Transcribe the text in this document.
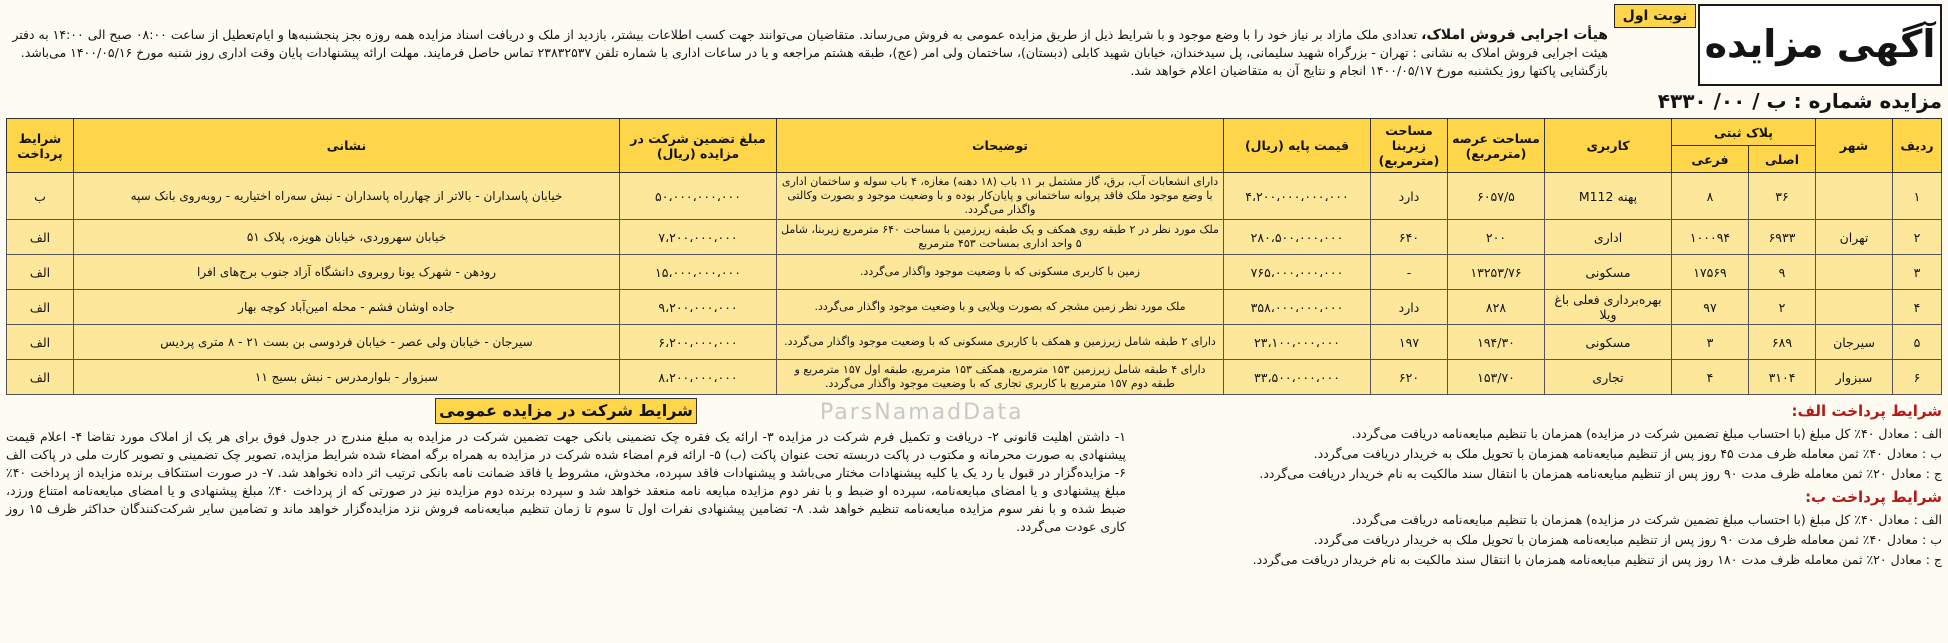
آگهی مزایده
نوبت اول
مزایده شماره : ب / ۰۰/ ۴۳۳۰
هیأت اجرایی فروش املاک، تعدادی ملک مازاد بر نیاز خود را با وضع موجود و با شرایط ذیل از طریق مزایده عمومی به فروش می‌رساند. متقاضیان می‌توانند جهت کسب اطلاعات بیشتر، بازدید از ملک و دریافت اسناد مزایده همه روزه بجز پنجشنبه‌ها و ایام‌تعطیل از ساعت ۰۸:۰۰ صبح الی ۱۴:۰۰ به دفتر هیئت اجرایی فروش املاک به نشانی : تهران - بزرگراه شهید سلیمانی، پل سیدخندان، خیابان شهید کابلی (دبستان)، ساختمان ولی امر (عج)، طبقه هشتم مراجعه و یا در ساعات اداری با شماره تلفن ۲۳۸۳۲۵۳۷ تماس حاصل فرمایند. مهلت ارائه پیشنهادات پایان وقت اداری روز شنبه مورخ ۱۴۰۰/۰۵/۱۶ می‌باشد. بازگشایی پاکتها روز یکشنبه مورخ ۱۴۰۰/۰۵/۱۷ انجام و نتایج آن به متقاضیان اعلام خواهد شد.
ردیف	شهر	پلاک ثبتی		کاربری	مساحت عرصه (مترمربع)	مساحت زیربنا (مترمربع)	قیمت پایه (ریال)	توضیحات	مبلغ تضمین شرکت در مزایده (ریال)	نشانی	شرایط پرداخت
		اصلی	فرعی								
۱		۳۶	۸	پهنه M112	۶۰۵۷/۵	دارد	۴،۲۰۰،۰۰۰،۰۰۰،۰۰۰	دارای انشعابات آب، برق، گاز مشتمل بر ۱۱ باب (۱۸ دهنه) مغازه، ۴ باب سوله و ساختمان اداری با وضع موجود ملک فاقد پروانه ساختمانی و پایان‌کار بوده و با وضعیت موجود و بصورت وکالتی واگذار می‌گردد.	۵۰،۰۰۰،۰۰۰،۰۰۰	خیابان پاسداران - بالاتر از چهارراه پاسداران - نبش سه‌راه اختیاریه - روبه‌روی بانک سپه	ب
۲	تهران	۶۹۳۳	۱۰۰۰۹۴	اداری	۲۰۰	۶۴۰	۲۸۰،۵۰۰،۰۰۰،۰۰۰	ملک مورد نظر در ۲ طبقه روی همکف و یک طبقه زیرزمین با مساحت ۶۴۰ مترمربع زیربنا، شامل ۵ واحد اداری بمساحت ۴۵۳ مترمربع	۷،۲۰۰،۰۰۰،۰۰۰	خیابان سهروردی، خیابان هویزه، پلاک ۵۱	الف
۳		۹	۱۷۵۶۹	مسکونی	۱۳۲۵۳/۷۶	-	۷۶۵،۰۰۰،۰۰۰،۰۰۰	زمین با کاربری مسکونی که با وضعیت موجود واگذار می‌گردد.	۱۵،۰۰۰،۰۰۰،۰۰۰	رودهن - شهرک یونا روبروی دانشگاه آزاد جنوب برج‌های افرا	الف
۴		۲	۹۷	بهره‌برداری فعلی باغ ویلا	۸۲۸	دارد	۳۵۸،۰۰۰،۰۰۰،۰۰۰	ملک مورد نظر زمین مشجر که بصورت ویلایی و با وضعیت موجود واگذار می‌گردد.	۹،۲۰۰،۰۰۰،۰۰۰	جاده اوشان فشم - محله امین‌آباد کوچه بهار	الف
۵	سیرجان	۶۸۹	۳	مسکونی	۱۹۴/۳۰	۱۹۷	۲۳،۱۰۰،۰۰۰،۰۰۰	دارای ۲ طبقه شامل زیرزمین و همکف با کاربری مسکونی که با وضعیت موجود واگذار می‌گردد.	۶،۲۰۰،۰۰۰،۰۰۰	سیرجان - خیابان ولی عصر - خیابان فردوسی بن بست ۲۱ - ۸ متری پردیس	الف
۶	سبزوار	۳۱۰۴	۴	تجاری	۱۵۳/۷۰	۶۲۰	۳۳،۵۰۰،۰۰۰،۰۰۰	دارای ۴ طبقه شامل زیرزمین ۱۵۳ مترمربع، همکف ۱۵۳ مترمربع، طبقه اول ۱۵۷ مترمربع و طبقه دوم ۱۵۷ مترمربع با کاربری تجاری که با وضعیت موجود واگذار می‌گردد.	۸،۲۰۰،۰۰۰،۰۰۰	سبزوار - بلوارمدرس - نبش بسیج ۱۱	الف
ParsNamadData
شرایط شرکت در مزایده عمومی
۱- داشتن اهلیت قانونی ۲- دریافت و تکمیل فرم شرکت در مزایده ۳- ارائه یک فقره چک تضمینی بانکی جهت تضمین شرکت در مزایده به مبلغ مندرج در جدول فوق برای هر یک از املاک مورد تقاضا ۴- اعلام قیمت پیشنهادی به صورت محرمانه و مکتوب در پاکت دربسته تحت عنوان پاکت (ب) ۵- ارائه فرم امضاء شده شرکت در مزایده به همراه برگه امضاء شده شرایط مزایده، تصویر چک تضمینی و تصویر کارت ملی در پاکت الف ۶- مزایده‌گزار در قبول یا رد یک یا کلیه پیشنهادات مختار می‌باشد و پیشنهادات فاقد سپرده، مخدوش، مشروط یا فاقد ضمانت نامه بانکی ترتیب اثر داده نخواهد شد. ۷- در صورت استنکاف برنده مزایده از پرداخت ۴۰٪ مبلغ پیشنهادی و یا امضای مبایعه‌نامه، سپرده او ضبط و با نفر دوم مزایده مبایعه نامه منعقد خواهد شد و سپرده برنده دوم مزایده نیز در صورتی که از پرداخت ۴۰٪ مبلغ پیشنهادی و یا امضای مبایعه‌نامه امتناع ورزد، ضبط شده و با نفر سوم مزایده مبایعه‌نامه تنظیم خواهد شد. ۸- تضامین پیشنهادی نفرات اول تا سوم تا زمان تنظیم مبایعه‌نامه فروش نزد مزایده‌گزار خواهد ماند و تضامین سایر شرکت‌کنندگان حداکثر ظرف ۱۵ روز کاری عودت می‌گردد.
شرایط پرداخت الف:
الف : معادل ۴۰٪ کل مبلغ (با احتساب مبلغ تضمین شرکت در مزایده) همزمان با تنظیم مبایعه‌نامه دریافت می‌گردد.
ب : معادل ۴۰٪ ثمن معامله ظرف مدت ۴۵ روز پس از تنظیم مبایعه‌نامه همزمان با تحویل ملک به خریدار دریافت می‌گردد.
ج : معادل ۲۰٪ ثمن معامله ظرف مدت ۹۰ روز پس از تنظیم مبایعه‌نامه همزمان با انتقال سند مالکیت به نام خریدار دریافت می‌گردد.
شرایط پرداخت ب:
الف : معادل ۴۰٪ کل مبلغ (با احتساب مبلغ تضمین شرکت در مزایده) همزمان با تنظیم مبایعه‌نامه دریافت می‌گردد.
ب : معادل ۴۰٪ ثمن معامله ظرف مدت ۹۰ روز پس از تنظیم مبایعه‌نامه همزمان با تحویل ملک به خریدار دریافت می‌گردد.
ج : معادل ۲۰٪ ثمن معامله ظرف مدت ۱۸۰ روز پس از تنظیم مبایعه‌نامه همزمان با انتقال سند مالکیت به نام خریدار دریافت می‌گردد.
